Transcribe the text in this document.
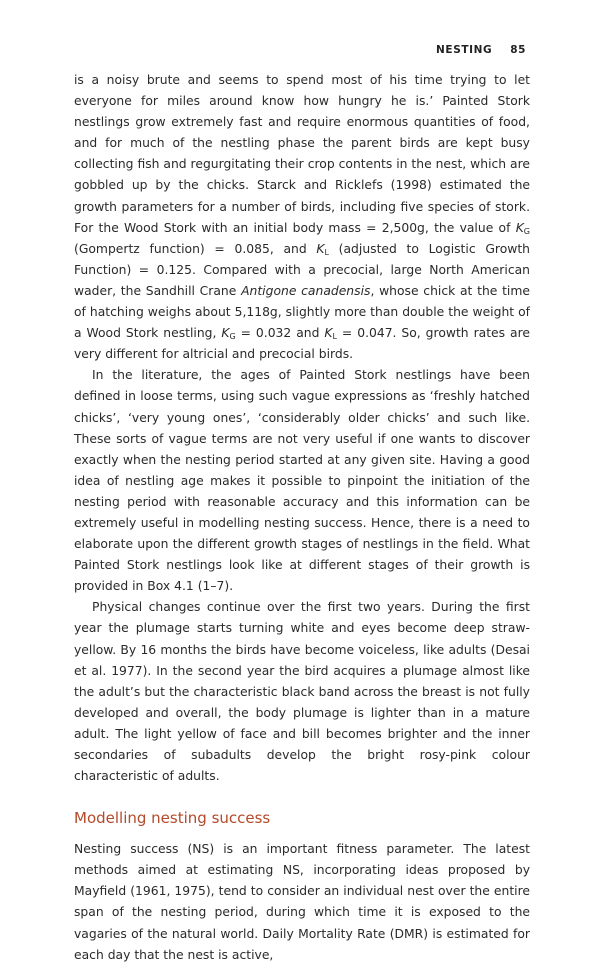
NESTING 85

is a noisy brute and seems to spend most of his time trying to let everyone for miles around know how hungry he is.’ Painted Stork nestlings grow extremely fast and require enormous quantities of food, and for much of the nestling phase the parent birds are kept busy collecting fish and regurgitating their crop contents in the nest, which are gobbled up by the chicks. Starck and Ricklefs (1998) estimated the growth parameters for a number of birds, including five species of stork. For the Wood Stork with an initial body mass = 2,500g, the value of $K_G$ (Gompertz function) = 0.085, and $K_L$ (adjusted to Logistic Growth Function) = 0.125. Compared with a precocial, large North American wader, the Sandhill Crane Antigone canadensis, whose chick at the time of hatching weighs about 5,118g, slightly more than double the weight of a Wood Stork nestling, $K_G = 0.032$ and $K_L = 0.047$. So, growth rates are very different for altricial and precocial birds.

In the literature, the ages of Painted Stork nestlings have been defined in loose terms, using such vague expressions as ‘freshly hatched chicks’, ‘very young ones’, ‘considerably older chicks’ and such like. These sorts of vague terms are not very useful if one wants to discover exactly when the nesting period started at any given site. Having a good idea of nestling age makes it possible to pinpoint the initiation of the nesting period with reasonable accuracy and this information can be extremely useful in modelling nesting success. Hence, there is a need to elaborate upon the different growth stages of nestlings in the field. What Painted Stork nestlings look like at different stages of their growth is provided in Box 4.1 (1–7).

Physical changes continue over the first two years. During the first year the plumage starts turning white and eyes become deep straw-yellow. By 16 months the birds have become voiceless, like adults (Desai et al. 1977). In the second year the bird acquires a plumage almost like the adult’s but the characteristic black band across the breast is not fully developed and overall, the body plumage is lighter than in a mature adult. The light yellow of face and bill becomes brighter and the inner secondaries of subadults develop the bright rosy-pink colour characteristic of adults.

Modelling nesting success

Nesting success (NS) is an important fitness parameter. The latest methods aimed at estimating NS, incorporating ideas proposed by Mayfield (1961, 1975), tend to consider an individual nest over the entire span of the nesting period, during which time it is exposed to the vagaries of the natural world. Daily Mortality Rate (DMR) is estimated for each day that the nest is active,
